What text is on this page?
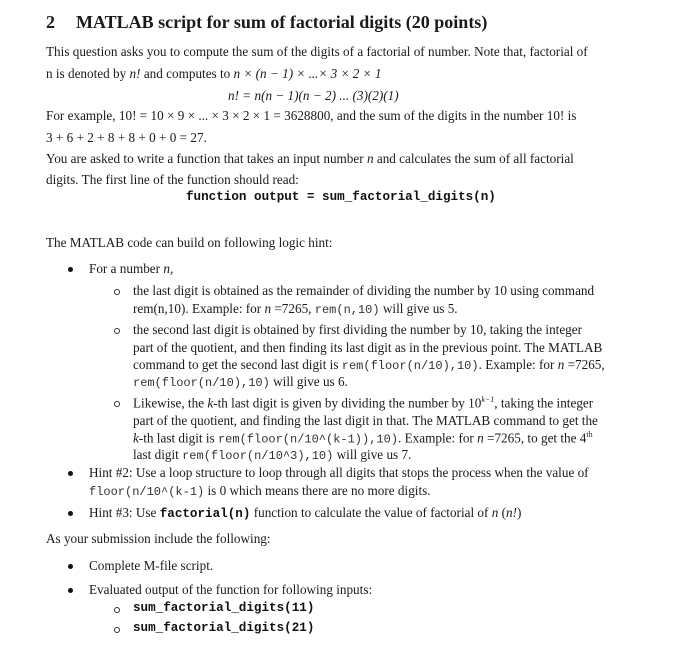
2 MATLAB script for sum of factorial digits (20 points)
This question asks you to compute the sum of the digits of a factorial of number. Note that, factorial of
n is denoted by n! and computes to n × (n − 1) × ...× 3 × 2 × 1
n! = n(n − 1)(n − 2) ... (3)(2)(1)
For example, 10! = 10 × 9 × ... × 3 × 2 × 1 = 3628800, and the sum of the digits in the number 10! is
3 + 6 + 2 + 8 + 8 + 0 + 0 = 27.
You are asked to write a function that takes an input number n and calculates the sum of all factorial
digits. The first line of the function should read:
function output = sum_factorial_digits(n)
The MATLAB code can build on following logic hint:
For a number n,
the last digit is obtained as the remainder of dividing the number by 10 using command
rem(n,10). Example: for n =7265, rem(n,10) will give us 5.
the second last digit is obtained by first dividing the number by 10, taking the integer
part of the quotient, and then finding its last digit as in the previous point. The MATLAB
command to get the second last digit is rem(floor(n/10),10). Example: for n =7265,
rem(floor(n/10),10) will give us 6.
Likewise, the k-th last digit is given by dividing the number by $10^{k-1}$, taking the integer
part of the quotient, and finding the last digit in that. The MATLAB command to get the
k-th last digit is rem(floor(n/10^(k-1)),10). Example: for n =7265, to get the 4th
last digit rem(floor(n/10^3),10) will give us 7.
Hint #2: Use a loop structure to loop through all digits that stops the process when the value of
floor(n/10^(k-1) is 0 which means there are no more digits.
Hint #3: Use factorial(n) function to calculate the value of factorial of n (n!)
As your submission include the following:
Complete M-file script.
Evaluated output of the function for following inputs:
sum_factorial_digits(11)
sum_factorial_digits(21)
